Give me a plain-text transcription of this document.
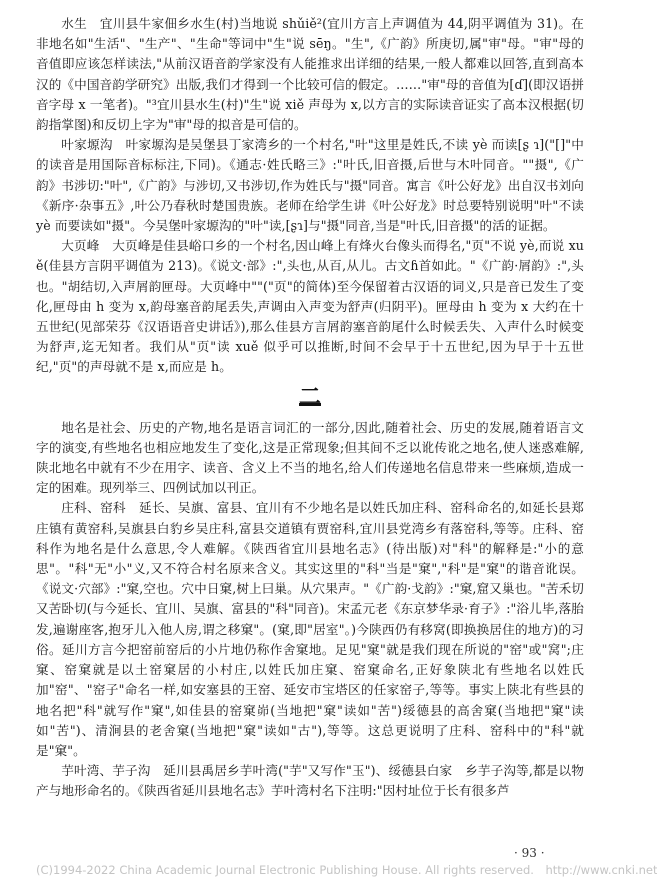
水生　宜川县牛家佃乡水生(村)当地说 shǔiě²(宜川方言上声调值为 44,阴平调值为 31)。在非地名如"生活"、"生产"、"生命"等词中"生"说 sēŋ。"生",《广韵》所庚切,属"审"母。"审"母的音值即应该怎样读法,"从前汉语音韵学家没有人能推求出详细的结果,一般人都难以回答,直到高本汉的《中国音韵学研究》出版,我们才得到一个比较可信的假定。……"审"母的音值为[ɗ](即汉语拼音字母 x 一笔者)。"³宜川县水生(村)"生"说 xiě 声母为 x,以方言的实际读音证实了高本汉根据(切韵指掌图)和反切上字为"审"母的拟音是可信的。

叶家塬沟　叶家塬沟是吴堡县丁家湾乡的一个村名,"叶"这里是姓氏,不读 yè 而读[ʂ ɿ]("[]"中的读音是用国际音标标注,下同)。《通志·姓氏略三》:"叶氏,旧音摄,后世与木叶同音。""摄",《广韵》书涉切:"叶",《广韵》与涉切,又书涉切,作为姓氏与"摄"同音。寓言《叶公好龙》出自汉书刘向《新序·杂事五》,叶公乃春秋时楚国贵族。老师在给学生讲《叶公好龙》时总要特别说明"叶"不读 yè 而要读如"摄"。今吴堡叶家塬沟的"叶"读,[ʂɿ]与"摄"同音,当是"叶氏,旧音摄"的活的证据。

大页峰　大页峰是佳县峪口乡的一个村名,因山峰上有烽火台像头而得名,"页"不说 yè,而说 xuě(佳县方言阴平调值为 213)。《说文·部》:",头也,从百,从儿。古文ɦ首如此。"《广韵·屑韵》:",头也。"胡结切,入声屑韵匣母。大页峰中""("页"的简体)至今保留着古汉语的词义,只是音已发生了变化,匣母由 h 变为 x,韵母塞音韵尾丢失,声调由入声变为舒声(归阴平)。匣母由 h 变为 x 大约在十五世纪(见部荣芬《汉语语音史讲话》),那么佳县方言屑韵塞音韵尾什么时候丢失、入声什么时候变为舒声,迄无知者。我们从"页"读 xuě 似乎可以推断,时间不会早于十五世纪,因为早于十五世纪,"页"的声母就不是 x,而应是 h。

二

地名是社会、历史的产物,地名是语言词汇的一部分,因此,随着社会、历史的发展,随着语言文字的演变,有些地名也相应地发生了变化,这是正常现象;但其间不乏以讹传讹之地名,使人迷惑难解,陕北地名中就有不少在用字、读音、含义上不当的地名,给人们传递地名信息带来一些麻烦,造成一定的困难。现列举三、四例试加以刊正。

庄科、窑科　延长、吴旗、富县、宜川有不少地名是以姓氏加庄科、窑科命名的,如延长县郑庄镇有黄窑科,吴旗县白豹乡吴庄科,富县交道镇有贾窑科,宜川县党湾乡有落窑科,等等。庄科、窑科作为地名是什么意思,令人难解。《陕西省宜川县地名志》(待出版)对"科"的解释是:"小的意思"。"科"无"小"义,又不符合村名原来含义。其实这里的"科"当是"窠","科"是"窠"的谐音讹误。《说文·穴部》:"窠,空也。穴中日窠,树上曰巢。从穴果声。"《广韵·戈韵》:"窠,窟又巢也。"苦禾切又苦卧切(与今延长、宜川、吴旗、富县的"科"同音)。宋孟元老《东京梦华录·育子》:"浴儿毕,落胎发,遍谢座客,抱牙儿入他人房,谓之移窠"。(窠,即"居室"。)今陕西仍有移窝(即换换居住的地方)的习俗。延川方言今把窑前窑后的小片地仍称作舍窠地。足见"窠"就是我们现在所说的"窑"或"窝";庄窠、窑窠就是以土窑窠居的小村庄,以姓氏加庄窠、窑窠命名,正好象陕北有些地名以姓氏加"窑"、"窑子"命名一样,如安塞县的王窑、延安市宝塔区的任家窑子,等等。事实上陕北有些县的地名把"科"就写作"窠",如佳县的窑窠峁(当地把"窠"读如"苦")绥德县的高舍窠(当地把"窠"读如"苦")、清涧县的老舍窠(当地把"窠"读如"古"),等等。这总更说明了庄科、窑科中的"科"就是"窠"。

芋叶湾、芋子沟　延川县禹居乡芋叶湾("芋"又写作"玉")、绥德县白家　乡芋子沟等,都是以物产与地形命名的。《陕西省延川县地名志》芋叶湾村名下注明:"因村址位于长有很多芦

· 93 ·
(C)1994-2022 China Academic Journal Electronic Publishing House. All rights reserved.　http://www.cnki.net
